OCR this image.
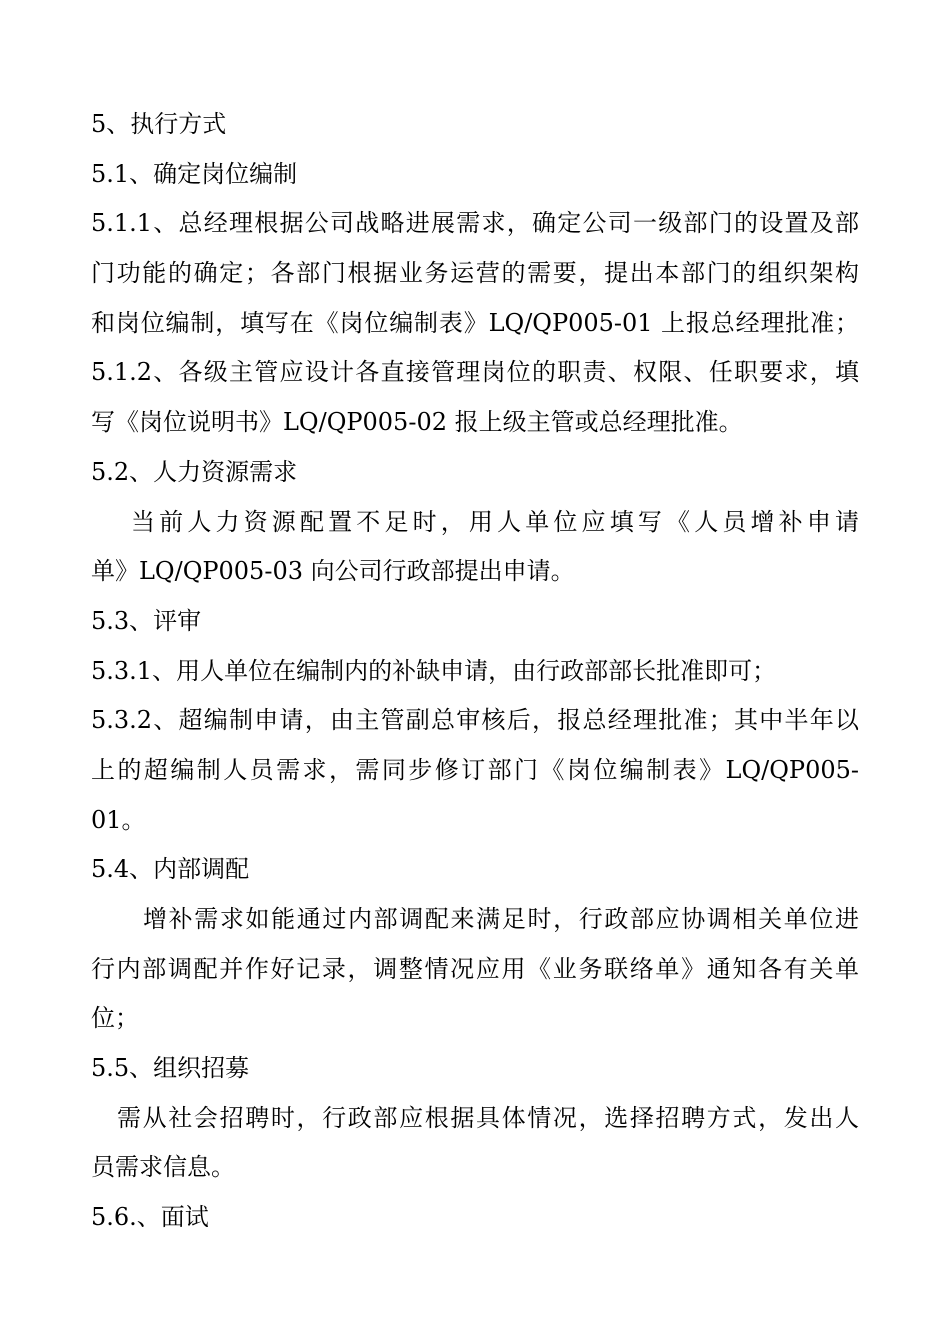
5、执行方式
5.1、确定岗位编制
5.1.1、总经理根据公司战略进展需求，确定公司一级部门的设置及部
门功能的确定；各部门根据业务运营的需要，提出本部门的组织架构
和岗位编制，填写在《岗位编制表》LQ/QP005-01 上报总经理批准；
5.1.2、各级主管应设计各直接管理岗位的职责、权限、任职要求，填
写《岗位说明书》LQ/QP005-02 报上级主管或总经理批准。
5.2、人力资源需求
当前人力资源配置不足时，用人单位应填写《人员增补申请
单》LQ/QP005-03 向公司行政部提出申请。
5.3、评审
5.3.1、用人单位在编制内的补缺申请，由行政部部长批准即可；
5.3.2、超编制申请，由主管副总审核后，报总经理批准；其中半年以
上的超编制人员需求，需同步修订部门《岗位编制表》LQ/QP005-
01。
5.4、内部调配
增补需求如能通过内部调配来满足时，行政部应协调相关单位进
行内部调配并作好记录，调整情况应用《业务联络单》通知各有关单
位；
5.5、组织招募
需从社会招聘时，行政部应根据具体情况，选择招聘方式，发出人
员需求信息。
5.6.、面试
